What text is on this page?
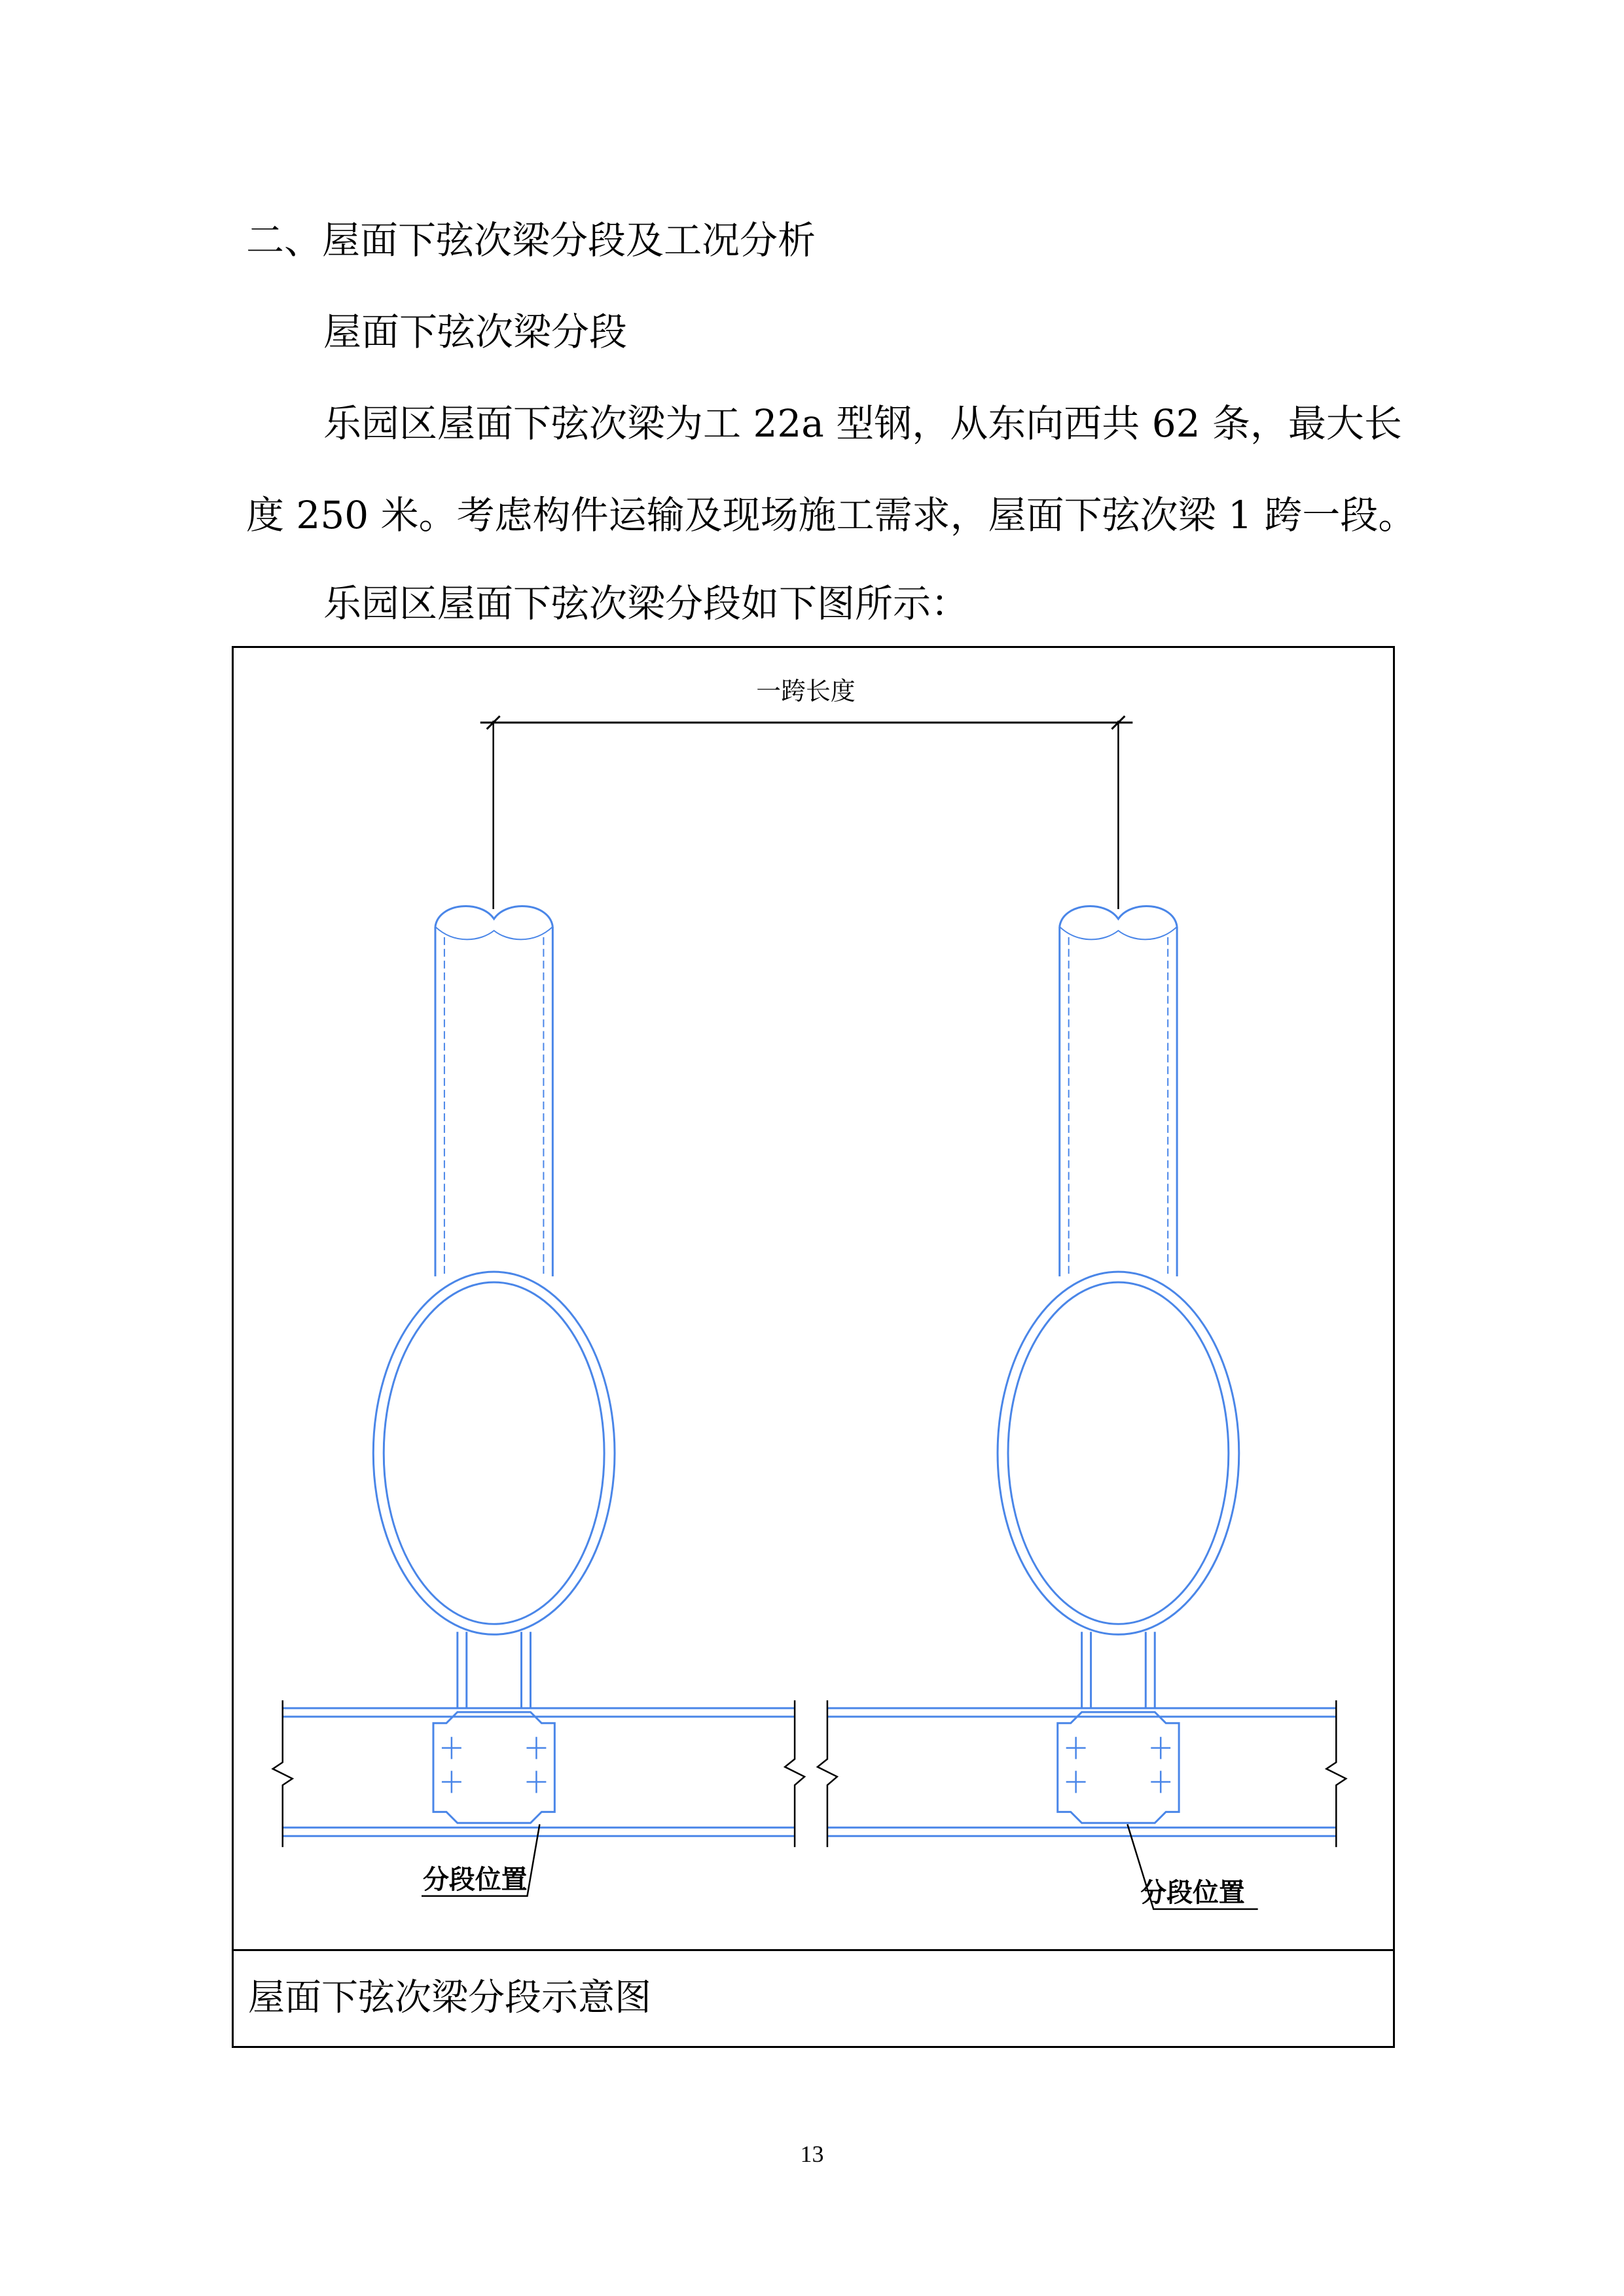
二、屋面下弦次梁分段及工况分析

屋面下弦次梁分段

乐园区屋面下弦次梁为工 22a 型钢，从东向西共 62 条，最大长

度 250 米。考虑构件运输及现场施工需求，屋面下弦次梁 1 跨一段。

乐园区屋面下弦次梁分段如下图所示：

一跨长度
分段位置	分段位置
屋面下弦次梁分段示意图
13
